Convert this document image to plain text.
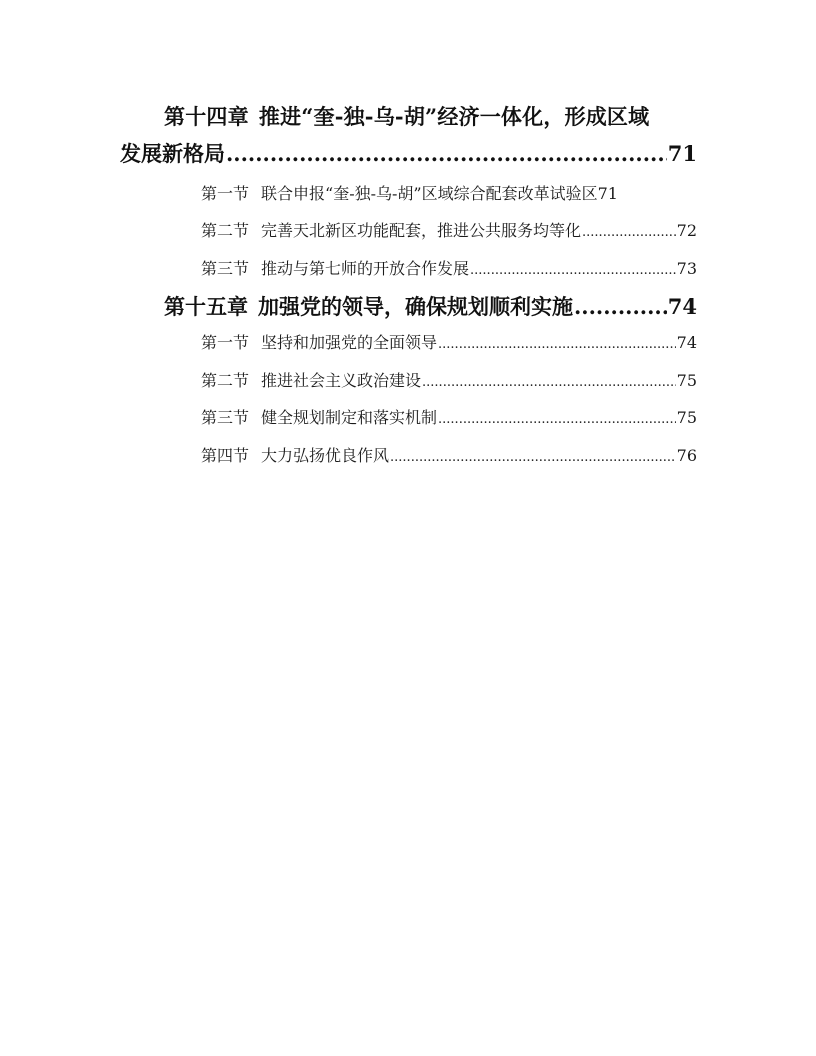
第十四章 推进“奎-独-乌-胡”经济一体化，形成区域
发展新格局 .....	71
第一节 联合申报“奎-独-乌-胡”区域综合配套改革试验区 71
第二节 完善天北新区功能配套，推进公共服务均等化 .....	72
第三节 推动与第七师的开放合作发展 .....	73
第十五章 加强党的领导，确保规划顺利实施 .....	74
第一节 坚持和加强党的全面领导 .....	74
第二节 推进社会主义政治建设 .....	75
第三节 健全规划制定和落实机制 .....	75
第四节 大力弘扬优良作风 .....	76
